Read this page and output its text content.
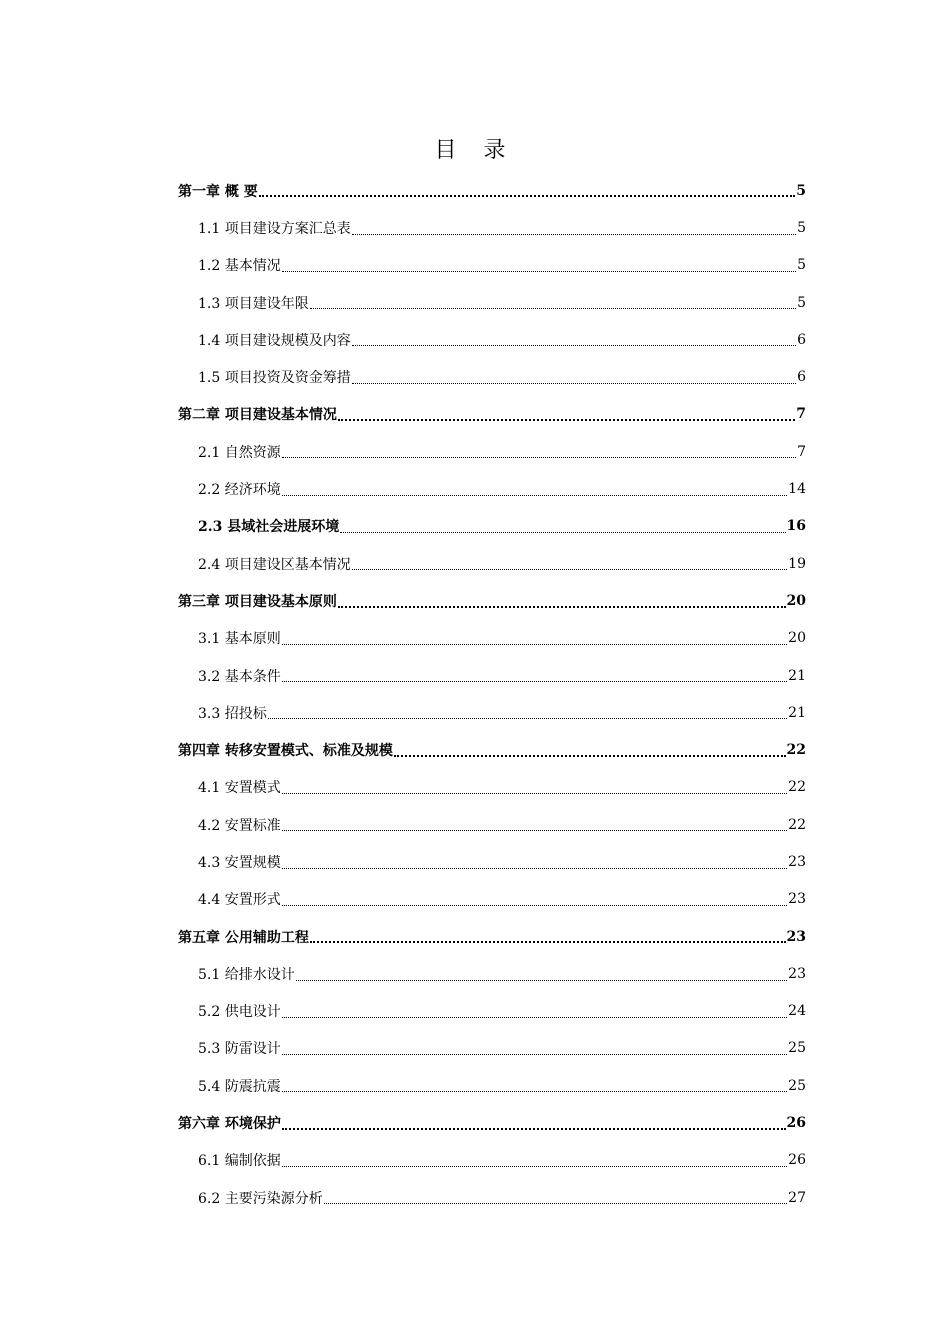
目 录
第一章 概 要	5
1.1 项目建设方案汇总表	5
1.2 基本情况	5
1.3 项目建设年限	5
1.4 项目建设规模及内容	6
1.5 项目投资及资金筹措	6
第二章 项目建设基本情况	7
2.1 自然资源	7
2.2 经济环境	14
2.3 县域社会进展环境	16
2.4 项目建设区基本情况	19
第三章 项目建设基本原则	20
3.1 基本原则	20
3.2 基本条件	21
3.3 招投标	21
第四章 转移安置模式、标准及规模	22
4.1 安置模式	22
4.2 安置标准	22
4.3 安置规模	23
4.4 安置形式	23
第五章 公用辅助工程	23
5.1 给排水设计	23
5.2 供电设计	24
5.3 防雷设计	25
5.4 防震抗震	25
第六章 环境保护	26
6.1 编制依据	26
6.2 主要污染源分析	27
